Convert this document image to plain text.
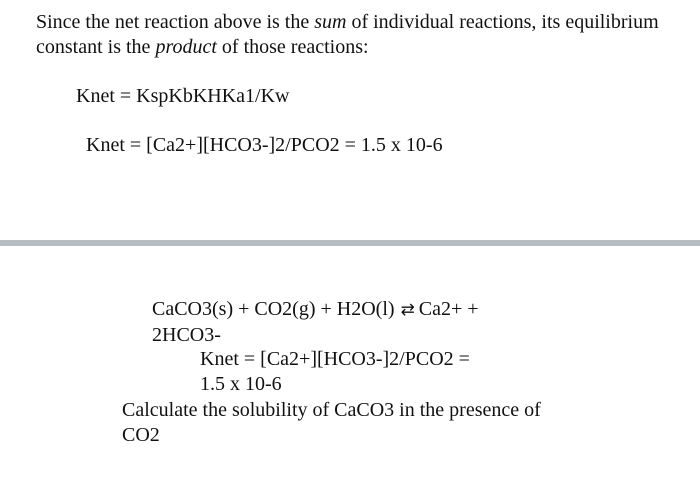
Since the net reaction above is the sum of individual reactions, its equilibrium constant is the product of those reactions:
Knet = KspKbKHKa1/Kw
Knet = [Ca2+][HCO3-]2/PCO2 = 1.5 x 10-6
CaCO3(s) + CO2(g) + H2O(l) ⇄ Ca2+ +
2HCO3-
Knet = [Ca2+][HCO3-]2/PCO2 =
1.5 x 10-6
Calculate the solubility of CaCO3 in the presence of
CO2
